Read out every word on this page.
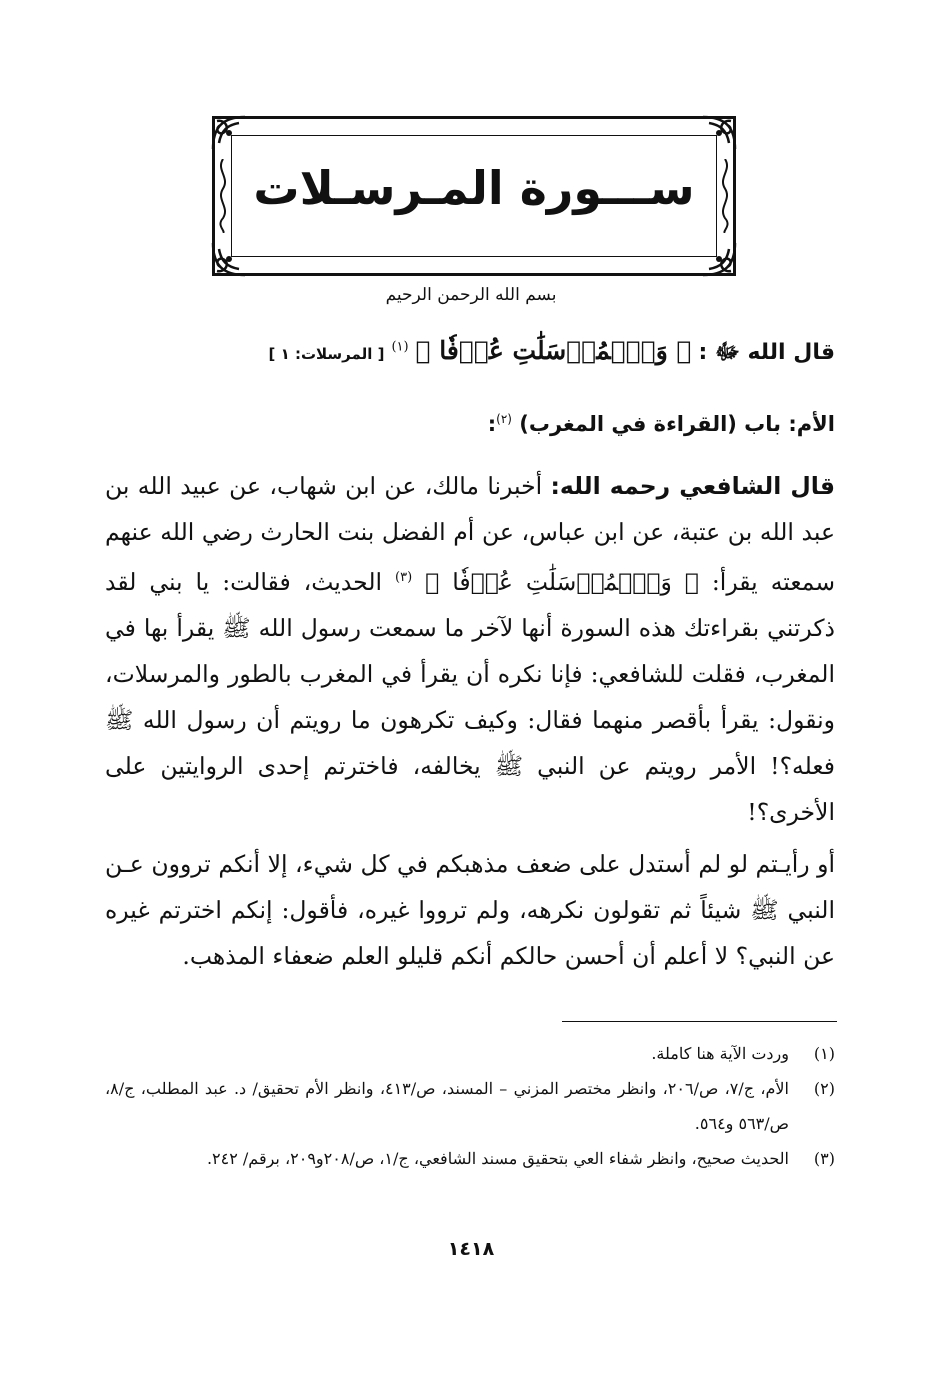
ســـورة المـرسـلات
بسم الله الرحمن الرحيم
قال الله ﷻ : ﴿ وَٱلۡمُرۡسَلَٰتِ عُرۡفٗا ﴾ $^{(١)}$ [ المرسلات: ١ ]
الأم: باب (القراءة في المغرب) $^{(٢)}$:

قال الشافعي رحمه الله: أخبرنا مالك، عن ابن شهاب، عن عبيد الله بن عبد الله بن عتبة، عن ابن عباس، عن أم الفضل بنت الحارث رضي الله عنهم سمعته يقرأ: ﴿ وَٱلۡمُرۡسَلَٰتِ عُرۡفٗا ﴾ $^{(٣)}$ الحديث، فقالت: يا بني لقد ذكرتني بقراءتك هذه السورة أنها لآخر ما سمعت رسول الله ﷺ يقرأ بها في المغرب، فقلت للشافعي: فإنا نكره أن يقرأ في المغرب بالطور والمرسلات، ونقول: يقرأ بأقصر منهما فقال: وكيف تكرهون ما رويتم أن رسول الله ﷺ فعله؟! الأمر رويتم عن النبي ﷺ يخالفه، فاخترتم إحدى الروايتين على الأخرى؟!

أو رأيـتم لو لم أستدل على ضعف مذهبكم في كل شيء، إلا أنكم تروون عـن النبي ﷺ شيئاً ثم تقولون نكرهه، ولم ترووا غيره، فأقول: إنكم اخترتم غيره عن النبي؟ لا أعلم أن أحسن حالكم أنكم قليلو العلم ضعفاء المذهب.

(١)
وردت الآية هنا كاملة.
(٢)
الأم، ج/٧، ص/٢٠٦، وانظر مختصر المزني – المسند، ص/٤١٣، وانظر الأم تحقيق/ د. عبد المطلب، ج/٨، ص/٥٦٣ و٥٦٤.
(٣)
الحديث صحيح، وانظر شفاء العي بتحقيق مسند الشافعي، ج/١، ص/٢٠٨و٢٠٩، برقم/ ٢٤٢.
١٤١٨
